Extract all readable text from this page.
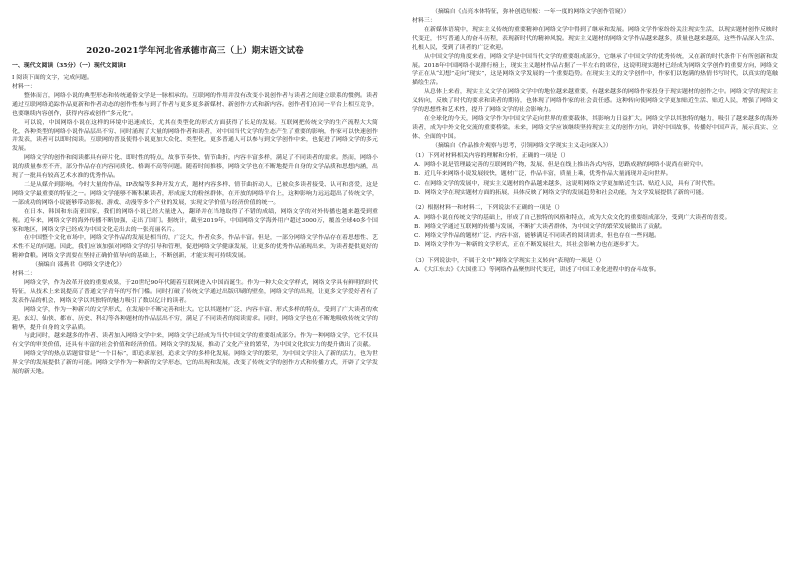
2020-2021学年河北省承德市高三（上）期末语文试卷
一、现代文阅读（35分）（一）现代文阅读Ⅰ
I 阅读下面的文字，完成问题。
材料一：

整体而言，网络小说的典型形态和传统通俗文学是一脉相承的。互联网的作用并没有改变小说创作者与读者之间建立联系的惯例。读者通过互联网络追踪作品更新和作者动态的创作性参与到了作者与更多更多新媒材、新创作方式和新内容。创作者们在同一平台上相互竞争，也要继续内容创作，获得内容或创作“多元化”。

可以说，中国网络小说在这样的环境中迅速成长，尤其在类型化的形式方面获得了长足的发展。互联网把传统文学的生产流程大大简化，各种类型的网络小说作品层出不穷、同时涌现了大量的网络作者和读者，对中国当代文学的生态产生了重要的影响，作家可以快速创作并发表，读者可以即时阅读。互联网的普及使得小说更加大众化、类型化，更多普通人可以参与到文学创作中来，也促进了网络文学的多元发展。

网络文学的创作和阅读都具有碎片化、即时性的特点，故事节奏快、情节曲折，内容丰富多样，满足了不同读者的需求。然而，网络小说的质量参差不齐，部分作品存在内容同质化、格调不高等问题。随着时间推移，网络文学也在不断地提升自身的文学品质和思想内涵，出现了一批具有较高艺术水准的优秀作品。

二是从媒介到影响。今时大量的作品，IP改编等多种开发方式，题材内容多样、情节曲折动人，已被众多读者接受、认可和喜爱，这是网络文学最重要的特征之一。网络文学能够不断积累读者，形成庞大的粉丝群体，在开放的网络平台上，这种影响力远远超出了传统文学，一部成功的网络小说能够带动影视、游戏、动漫等多个产业的发展，实现文学价值与经济价值的统一。

在日本、韩国和东南亚国家，我们的网络小说已经大量进入，翻译并在当地取得了不错的成绩，网络文学的对外传播也越来越受到重视。近年来，网络文学的海外传播不断加强，走出了国门。据统计，截至2019年，中国网络文学海外用户超过3000万，覆盖全球40多个国家和地区，网络文学已经成为中国文化走出去的一张亮丽名片。

在中国整个文化市场中，网络文学作品的发展是相当的，广泛大，作者众多，作品丰富。但是，一部分网络文学作品存在着思想性、艺术性不足的问题。因此，我们应该加强对网络文学的引导和管理，促进网络文学健康发展，让更多的优秀作品涌现出来，为读者提供更好的精神食粮。网络文学需要在坚持正确价值导向的基础上，不断创新，才能实现可持续发展。

（摘编自 邵燕君《网络文学进化》）
材料二：

网络文学，作为改革开放的重要成果，于20世纪90年代随着互联网进入中国而诞生。作为一种大众文学样式，网络文学具有鲜明的时代特征，从技术上来说提高了普通文学青年的写作门槛。同时打破了传统文学通过出版印刷的壁垒，网络文学的出现，让更多文学爱好者有了发表作品的机会，网络文学以其独特的魅力吸引了数以亿计的读者。

网络文学，作为一种新兴的文学形式，在发展中不断完善和壮大。它以其题材广泛、内容丰富、形式多样的特点，受到了广大读者的欢迎。玄幻、仙侠、都市、历史、科幻等各种题材的作品层出不穷，满足了不同读者的阅读需求。同时，网络文学也在不断地吸收传统文学的精华，提升自身的文学品质。

与此同时，越来越多的作者、读者加入网络文学中来，网络文学已经成为当代中国文学的重要组成部分。作为一种网络文学，它不仅具有文学的审美价值，还具有丰富的社会价值和经济价值。网络文学的发展，推动了文化产业的繁荣，为中国文化软实力的提升做出了贡献。

网络文学的热点话题常常是“一个目标”，即追求原创，追求文学的多样化发展。网络文学的繁荣，为中国文学注入了新的活力，也为世界文学的发展提供了新的可能。网络文学作为一种新的文学形态，它的出现和发展，改变了传统文学的创作方式和传播方式，开辟了文学发展的新天地。

（摘编自《点亮本体特征，弥补创造短板：一年一度的网络文学创作管窥》）
材料三：

在新媒体语境中，现实主义传统的重要精神在网络文学中得到了继承和发展。网络文学作家纷纷关注现实生活，以现实题材创作反映时代变迁，书写普通人的奋斗历程，表现新时代的精神风貌。现实主义题材的网络文学作品越来越多，质量也越来越高，这些作品深入生活、扎根人民，受到了读者的广泛欢迎。

从中国文学的角度来看，网络文学是中国当代文学的重要组成部分，它继承了中国文学的优秀传统，又在新的时代条件下有所创新和发展。2018年中国网络小说排行榜上，现实主义题材作品占据了一半左右的席位，这说明现实题材已经成为网络文学创作的重要方向，网络文学正在从“幻想”走向“现实”，这是网络文学发展的一个重要趋势。在现实主义的文学创作中，作家们以饱满的热情书写时代，以真实的笔触描绘生活。

从总体上来看，现实主义文学在网络文学中的地位越来越重要，有越来越多的网络作家投身于现实题材的创作之中。网络文学的现实主义转向，反映了时代的要求和读者的期待，也体现了网络作家的社会责任感。这种转向使网络文学更加贴近生活、贴近人民，增强了网络文学的思想性和艺术性，提升了网络文学的社会影响力。

在全球化的今天，网络文学作为中国文学走向世界的重要载体，其影响力日益扩大。网络文学以其独特的魅力，吸引了越来越多的海外读者，成为中外文化交流的重要桥梁。未来，网络文学应该继续坚持现实主义的创作方向，讲好中国故事，传播好中国声音，展示真实、立体、全面的中国。

（摘编自《作品推介观察与思考，引领网络文学现实主义走向深入》）
（1）下列对材料相关内容的理解和分析，正确的一项是（）
A．网络小说是管理最完善的互联网的产物，发展、但是在线上推出各式内容，思路成熟的网络小说尚在研究中。
B．近几年来网络小说发展较快，题材广泛，作品丰富，质量上乘，优秀作品大量涌现并走向世界。
C．在网络文学的发展中，现实主义题材的作品越来越多，这说明网络文学更加贴近生活、贴近人民，具有了时代性。
D．网络文学在现实题材方面的拓展，具体反映了网络文学的发展趋势和社会功能，为文学发展提供了新的可能。
（2）根据材料一和材料二，下列说法不正确的一项是（）
A．网络小说在传统文学的基础上，形成了自己独特的风格和特点，成为大众文化的重要组成部分，受到广大读者的喜爱。
B．网络文学通过互联网的传播与发展，不断扩大读者群体，为中国文学的繁荣发展做出了贡献。
C．网络文学作品的题材广泛、内容丰富，能够满足不同读者的阅读需求，但也存在一些问题。
D．网络文学作为一种新的文学形式，正在不断发展壮大，其社会影响力也在逐步扩大。
（3）下列说法中，不属于文中“网络文学现实主义转向”表现的一项是（）
A．《大江东去》《大国重工》等网络作品聚焦时代变迁，讲述了中国工业化进程中的奋斗故事。
